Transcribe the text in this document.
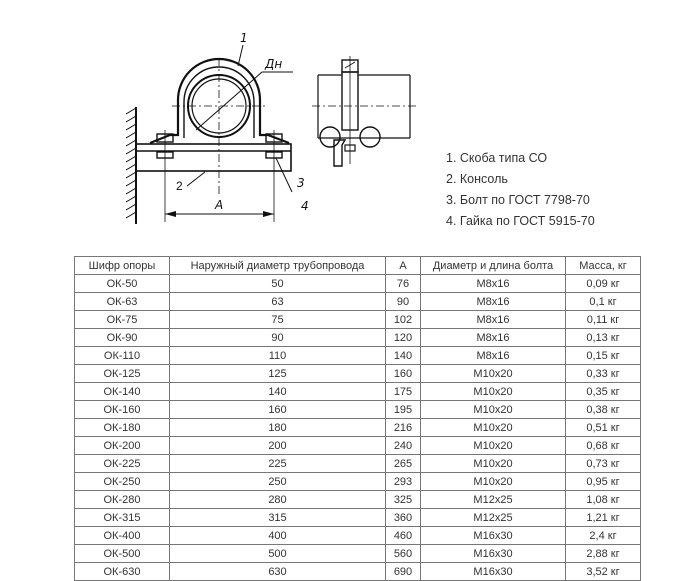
1
Дн
2	3
4
А
1. Скоба типа СО
2. Консоль
3. Болт по ГОСТ 7798-70
4. Гайка по ГОСТ 5915-70
Шифр опоры	Наружный диаметр трубопровода	А	Диаметр и длина болта	Масса, кг
ОК-50	50	76	М8х16	0,09 кг
ОК-63	63	90	М8х16	0,1 кг
ОК-75	75	102	М8х16	0,11 кг
ОК-90	90	120	М8х16	0,13 кг
ОК-110	110	140	М8х16	0,15 кг
ОК-125	125	160	М10х20	0,33 кг
ОК-140	140	175	М10х20	0,35 кг
ОК-160	160	195	М10х20	0,38 кг
ОК-180	180	216	М10х20	0,51 кг
ОК-200	200	240	М10х20	0,68 кг
ОК-225	225	265	М10х20	0,73 кг
ОК-250	250	293	М10х20	0,95 кг
ОК-280	280	325	М12х25	1,08 кг
ОК-315	315	360	М12х25	1,21 кг
ОК-400	400	460	М16х30	2,4 кг
ОК-500	500	560	М16х30	2,88 кг
ОК-630	630	690	М16х30	3,52 кг
